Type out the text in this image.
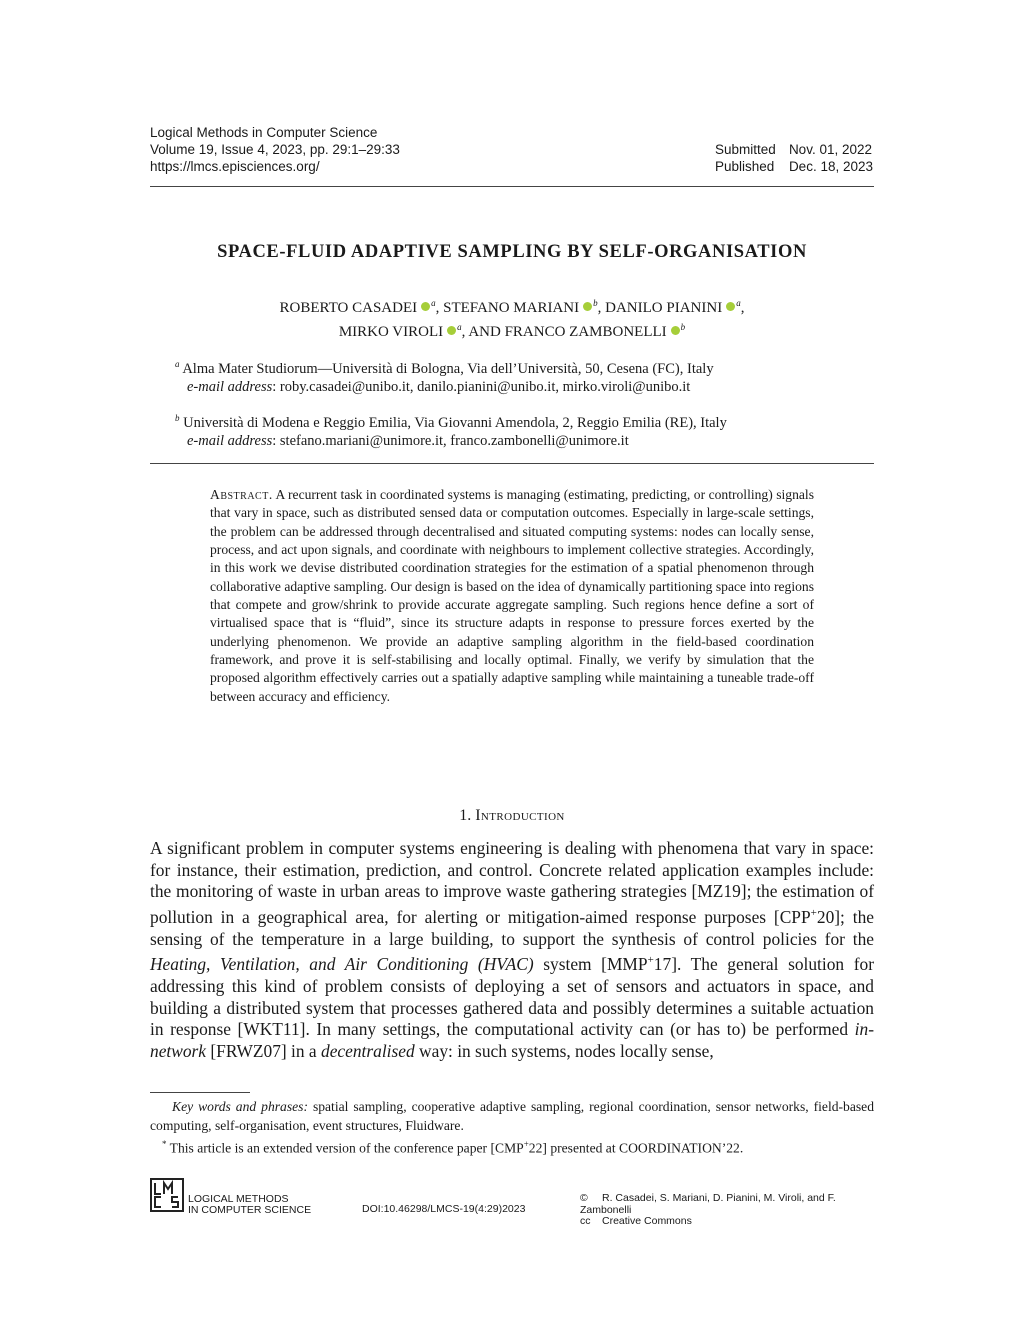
Logical Methods in Computer Science
Volume 19, Issue 4, 2023, pp. 29:1–29:33
https://lmcs.episciences.org/
Submitted Nov. 01, 2022
Published Dec. 18, 2023
SPACE-FLUID ADAPTIVE SAMPLING BY SELF-ORGANISATION
ROBERTO CASADEI $^a$, STEFANO MARIANI $^b$, DANILO PIANINI $^a$,
MIRKO VIROLI $^a$, AND FRANCO ZAMBONELLI $^b$
$^a$ Alma Mater Studiorum—Università di Bologna, Via dell’Università, 50, Cesena (FC), Italy
e-mail address: roby.casadei@unibo.it, danilo.pianini@unibo.it, mirko.viroli@unibo.it
$^b$ Università di Modena e Reggio Emilia, Via Giovanni Amendola, 2, Reggio Emilia (RE), Italy
e-mail address: stefano.mariani@unimore.it, franco.zambonelli@unimore.it
Abstract. A recurrent task in coordinated systems is managing (estimating, predicting, or controlling) signals that vary in space, such as distributed sensed data or computation outcomes. Especially in large-scale settings, the problem can be addressed through decentralised and situated computing systems: nodes can locally sense, process, and act upon signals, and coordinate with neighbours to implement collective strategies. Accordingly, in this work we devise distributed coordination strategies for the estimation of a spatial phenomenon through collaborative adaptive sampling. Our design is based on the idea of dynamically partitioning space into regions that compete and grow/shrink to provide accurate aggregate sampling. Such regions hence define a sort of virtualised space that is “fluid”, since its structure adapts in response to pressure forces exerted by the underlying phenomenon. We provide an adaptive sampling algorithm in the field-based coordination framework, and prove it is self-stabilising and locally optimal. Finally, we verify by simulation that the proposed algorithm effectively carries out a spatially adaptive sampling while maintaining a tuneable trade-off between accuracy and efficiency.
1. Introduction
A significant problem in computer systems engineering is dealing with phenomena that vary in space: for instance, their estimation, prediction, and control. Concrete related application examples include: the monitoring of waste in urban areas to improve waste gathering strategies [MZ19]; the estimation of pollution in a geographical area, for alerting or mitigation-aimed response purposes [CPP+20]; the sensing of the temperature in a large building, to support the synthesis of control policies for the Heating, Ventilation, and Air Conditioning (HVAC) system [MMP+17]. The general solution for addressing this kind of problem consists of deploying a set of sensors and actuators in space, and building a distributed system that processes gathered data and possibly determines a suitable actuation in response [WKT11]. In many settings, the computational activity can (or has to) be performed in-network [FRWZ07] in a decentralised way: in such systems, nodes locally sense,
Key words and phrases: spatial sampling, cooperative adaptive sampling, regional coordination, sensor networks, field-based computing, self-organisation, event structures, Fluidware.
* This article is an extended version of the conference paper [CMP+22] presented at COORDINATION’22.
LOGICAL METHODS
IN COMPUTER SCIENCE	DOI:10.46298/LMCS-19(4:29)2023
© R. Casadei, S. Mariani, D. Pianini, M. Viroli, and F. Zambonelli
cc Creative Commons
